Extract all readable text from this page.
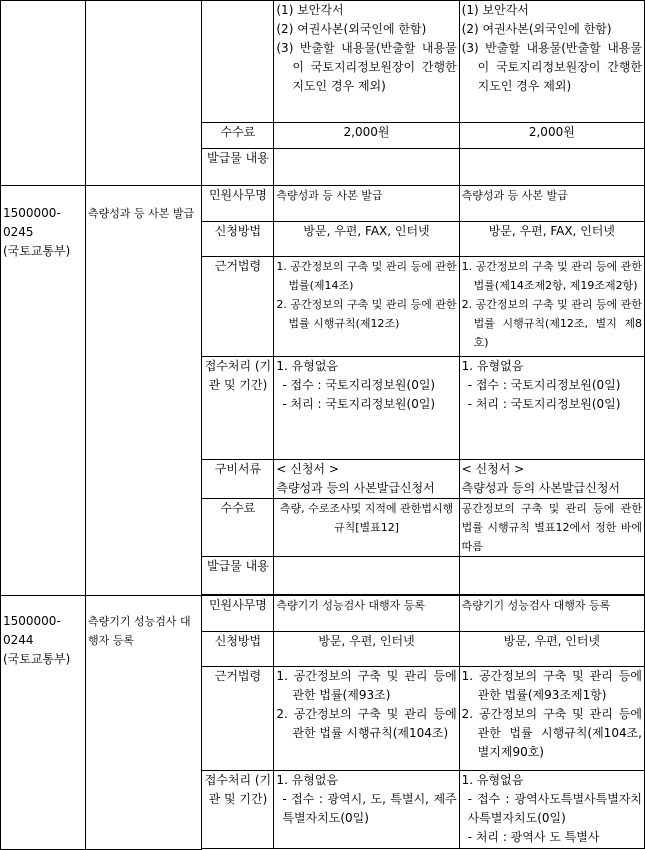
			(1) 보안각서
(2) 여권사본(외국인에 한함)
(3) 반출할 내용물(반출할 내용물이 국토지리정보원장이 간행한 지도인 경우 제외)	(1) 보안각서
(2) 여권사본(외국인에 한함)
(3) 반출할 내용물(반출할 내용물이 국토지리정보원장이 간행한 지도인 경우 제외)

		수수료	2,000원	2,000원
		발급물 내용		

1500000-0245
(국토교통부)	측량성과 등 사본 발급	민원사무명	측량성과 등 사본 발급	측량성과 등 사본 발급
		신청방법	방문, 우편, FAX, 인터넷	방문, 우편, FAX, 인터넷
		근거법령	1. 공간정보의 구축 및 관리 등에 관한 법률(제14조)
2. 공간정보의 구축 및 관리 등에 관한 법률 시행규칙(제12조)	1. 공간정보의 구축 및 관리 등에 관한 법률(제14조제2항, 제19조제2항)
2. 공간정보의 구축 및 관리 등에 관한 법률 시행규칙(제12조, 별지 제8호)

		접수처리 (기관 및 기간)	1. 유형없음
- 접수 : 국토지리정보원(0일)
- 처리 : 국토지리정보원(0일)	1. 유형없음
- 접수 : 국토지리정보원(0일)
- 처리 : 국토지리정보원(0일)

		구비서류	< 신청서 >
측량성과 등의 사본발급신청서	< 신청서 >
측량성과 등의 사본발급신청서

		수수료	측량, 수로조사및 지적에 관한법시행규칙[별표12]	공간정보의 구축 및 관리 등에 관한 법률 시행규칙 별표12에서 정한 바에 따름
		발급물 내용		

1500000-0244
(국토교통부)	측량기기 성능검사 대행자 등록	민원사무명	측량기기 성능검사 대행자 등록	측량기기 성능검사 대행자 등록
		신청방법	방문, 우편, 인터넷	방문, 우편, 인터넷
		근거법령	1. 공간정보의 구축 및 관리 등에 관한 법률(제93조)
2. 공간정보의 구축 및 관리 등에 관한 법률 시행규칙(제104조)	1. 공간정보의 구축 및 관리 등에 관한 법률(제93조제1항)
2. 공간정보의 구축 및 관리 등에 관한 법률 시행규칙(제104조, 별지제90호)

		접수처리 (기관 및 기간)	1. 유형없음
- 접수 : 광역시, 도, 특별시, 제주특별자치도(0일)	1. 유형없음
- 접수 : 광역사도특별사특별자치사특별자치도(0일)
- 처리 : 광역사 도 특별사
